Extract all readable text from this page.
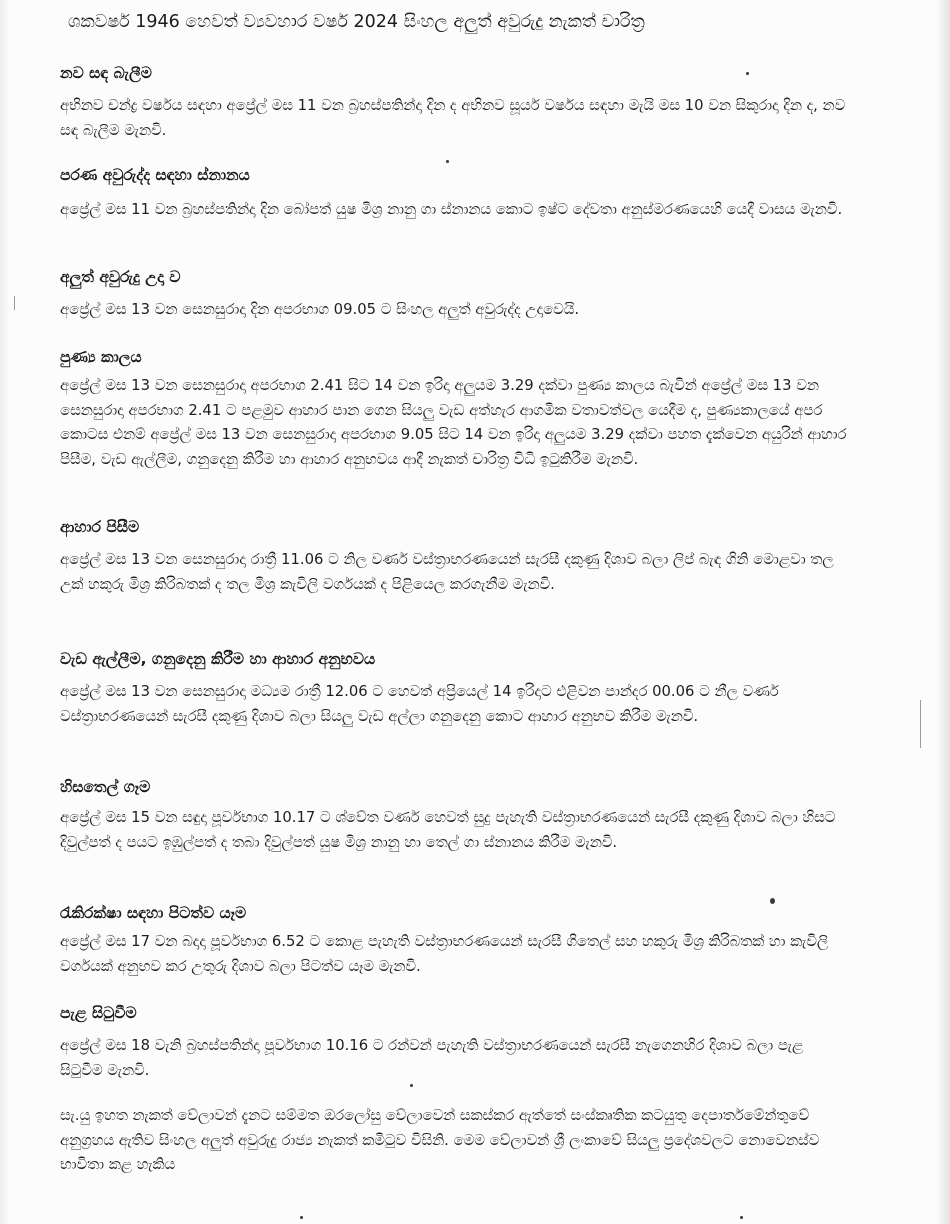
ශකවර්ෂ 1946 හෙවත් ව්‍යවහාර වර්ෂ 2024 සිංහල අලුත් අවුරුදු නැකත් චාරිත්‍ර
නව සඳ බැලීම
අභිනව චන්ද්‍ර වර්ෂය සඳහා අප්‍රේල් මස 11 වන බ්‍රහස්පතින්දා දින ද අභිනව සූර්ය වර්ෂය සඳහා මැයි මස 10 වන සිකුරාදා දින ද, නව සඳ බැලීම මැනවි.
පරණ අවුරුද්ද සඳහා ස්නානය
අප්‍රේල් මස 11 වන බ්‍රහස්පතින්දා දින බෝපත් යුෂ මිශ්‍ර නානු ගා ස්නානය කොට ඉෂ්ට දේවතා අනුස්මරණයෙහි යෙදී වාසය මැනවි.
අලුත් අවුරුදු උදා ව
අප්‍රේල් මස 13 වන සෙනසුරාදා දින අපරභාග 09.05 ට සිංහල අලුත් අවුරුද්ද උදාවෙයි.
පුණ්‍ය කාලය
අප්‍රේල් මස 13 වන සෙනසුරාදා අපරභාග 2.41 සිට 14 වන ඉරිදා අලුයම 3.29 දක්වා පුණ්‍ය කාලය බැවින් අප්‍රේල් මස 13 වන සෙනසුරාදා අපරභාග 2.41 ට පළමුව ආහාර පාන ගෙන සියලු වැඩ අත්හැර ආගමික වතාවත්වල යෙදීම ද, පුණ්‍යකාලයේ අපර කොටස එනම් අප්‍රේල් මස 13 වන සෙනසුරාදා අපරභාග 9.05 සිට 14 වන ඉරිදා අලුයම 3.29 දක්වා පහත දැක්වෙන අයුරින් ආහාර පිසීම, වැඩ ඇල්ලීම, ගනුදෙනු කිරීම හා ආහාර අනුභවය ආදී නැකත් චාරිත්‍ර විධි ඉටුකිරීම මැනවි.
ආහාර පිසීම
අප්‍රේල් මස 13 වන සෙනසුරාදා රාත්‍රී 11.06 ට නිල වර්ණ වස්ත්‍රාභරණයෙන් සැරසී දකුණු දිශාව බලා ලිප් බැඳ ගිනි මොළවා තල උක් හකුරු මිශ්‍ර කිරිබතක් ද තල මිශ්‍ර කැවිලි වර්ගයක් ද පිළියෙල කරගැනීම මැනවි.
වැඩ ඇල්ලීම, ගනුදෙනු කිරීම හා ආහාර අනුභවය
අප්‍රේල් මස 13 වන සෙනසුරාදා මධ්‍යම රාත්‍රී 12.06 ට හෙවත් අප්‍රියෙල් 14 ඉරිදාට එළිවන පාන්දර 00.06 ට නීල වර්ණ වස්ත්‍රාභරණයෙන් සැරසී දකුණු දිශාව බලා සියලු වැඩ අල්ලා ගනුදෙනු කොට ආහාර අනුභව කිරීම මැනවි.
හිසතෙල් ගෑම
අප්‍රේල් මස 15 වන සඳුදා පූර්වභාග 10.17 ට ශ්වේත වර්ණ හෙවත් සුදු පැහැති වස්ත්‍රාභරණයෙන් සැරසී දකුණු දිශාව බලා හිසට දිවුල්පත් ද පයට ඉඹුල්පත් ද තබා දිවුල්පත් යුෂ මිශ්‍ර නානු හා තෙල් ගා ස්නානය කිරීම මැනවි.
රැකිරක්ෂා සඳහා පිටත්ව යෑම
අප්‍රේල් මස 17 වන බදාදා පූර්වභාග 6.52 ට කොළ පැහැති වස්ත්‍රාභරණයෙන් සැරසී ගිතෙල් සහ හකුරු මිශ්‍ර කිරිබතක් හා කැවිලි වර්ගයක් අනුභව කර උතුරු දිශාව බලා පිටත්ව යෑම මැනවි.
පැළ සිටුවීම
අප්‍රේල් මස 18 වැනි බ්‍රහස්පතින්දා පූර්වභාග 10.16 ට රන්වන් පැහැති වස්ත්‍රාභරණයෙන් සැරසී නැගෙනහිර දිශාව බලා පැළ සිටුවීම මැනවි.
සැ.යු ඉහත නැකත් වේලාවන් දැනට සම්මත ඔරලෝසු වේලාවෙන් සකස්කර ඇත්තේ සංස්කෘතික කටයුතු දෙපාර්තමේන්තුවේ අනුග්‍රහය ඇතිව සිංහල අලුත් අවුරුදු රාජ්‍ය නැකත් කමිටුව විසිනි. මෙම වේලාවන් ශ්‍රී ලංකාවේ සියලු ප්‍රදේශවලට නොවෙනස්ව භාවිතා කළ හැකිය
